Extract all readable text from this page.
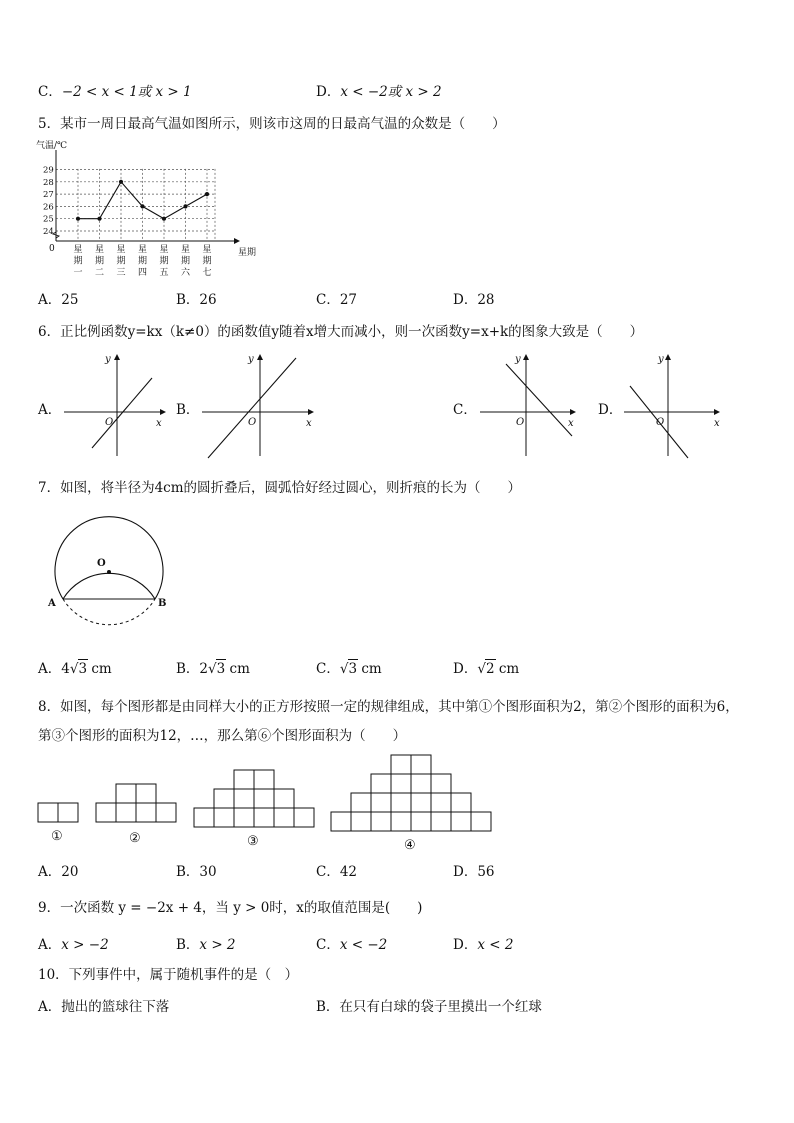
C．−2 < x < 1或 x > 1	D．x < −2或 x > 2
5．某市一周日最高气温如图所示，则该市这周的日最高气温的众数是（　　）
气温/℃
星期
0
24
25
26
27
28
29
星
期
一
星
期
二
星
期
三
星
期
四
星
期
五
星
期
六
星
期
七
A．25	B．26	C．27	D．28
6．正比例函数y=kx（k≠0）的函数值y随着x增大而减小，则一次函数y=x+k的图象大致是（　　）
A．
y
O	x
B．
y
O	x
C．
y
O	x
D．
y
O	x
7．如图，将半径为4cm的圆折叠后，圆弧恰好经过圆心，则折痕的长为（　　）
O
A	B
A．4√3 cm	B．2√3 cm	C．√3 cm	D．√2 cm
8．如图，每个图形都是由同样大小的正方形按照一定的规律组成，其中第①个图形面积为2，第②个图形的面积为6，
第③个图形的面积为12，…，那么第⑥个图形面积为（　　）
①	②	③	④
A．20	B．30	C．42	D．56
9．一次函数 y = −2x + 4，当 y > 0时，x的取值范围是(　　)
A．x > −2	B．x > 2	C．x < −2	D．x < 2
10．下列事件中，属于随机事件的是（　）
A．抛出的篮球往下落	B．在只有白球的袋子里摸出一个红球
